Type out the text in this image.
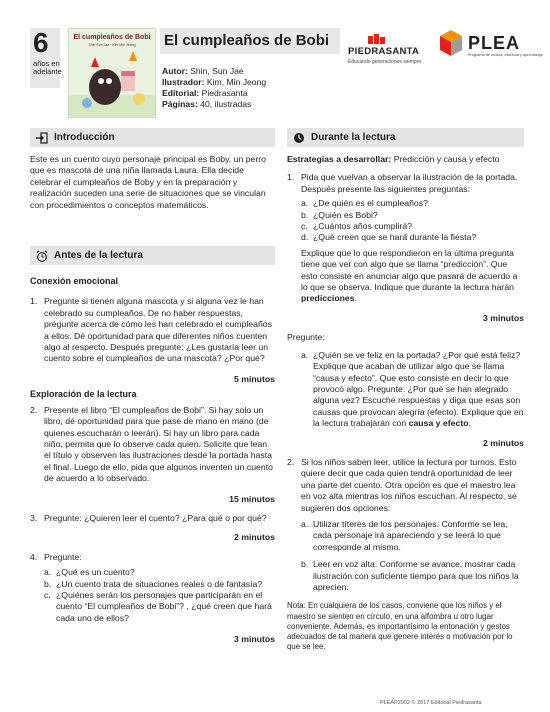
6
años en adelante
El cumpleaños de Bobi
Shin Sun Jae · Kim Min Jeong	El cumpleaños de Bobi
Autor: Shin, Sun Jae
Ilustrador: Kim, Min Jeong
Editorial: Piedrasanta
Páginas: 40, ilustradas
PIEDRASANTA
Educando generaciones siempre
PLEA
Programa de lectura, escritura y aprendizaje
Introducción

Este es un cuento cuyo personaje principal es Boby, un perro que es mascota de una niña llamada Laura. Ella decide celebrar el cumpleaños de Boby y en la preparación y realización suceden una serie de situaciones que se vinculan con procedimientos o conceptos matemáticos.

Antes de la lectura
Conexión emocional
1. Pregunte si tienen alguna mascota y si alguna vez le han celebrado su cumpleaños. De no haber respuestas, pregunte acerca de cómo les han celebrado el cumpleaños a ellos. Dé oportunidad para que diferentes niños cuenten algo al respecto. Después pregunte: ¿Les gustaría leer un cuento sobre el cumpleaños de una mascota? ¿Por qué?

5 minutos
Exploración de la lectura
2. Presente el libro “El cumpleaños de Bobi”. Si hay solo un libro, dé oportunidad para que pase de mano en mano (de quienes escucharán o leerán). Si hay un libro para cada niño, permita que lo observe cada quien. Solicite que lean el título y observen las ilustraciones desde la portada hasta el final. Luego de ello, pida que algunos inventen un cuento de acuerdo a lo observado.

15 minutos
3. Pregunte: ¿Quieren leer el cuento? ¿Para qué o por qué?

2 minutos
4. Pregunte:

a. ¿Qué es un cuento?
b. ¿Un cuento trata de situaciones reales o de fantasía?
c. ¿Quiénes serán los personajes que participarán en el cuento “El cumpleaños de Bobi”? , ¿qué creen que hará cada uno de ellos?
3 minutos
Durante la lectura
Estrategias a desarrollar: Predicción y causa y efecto
1. Pida que vuelvan a observar la ilustración de la portada. Después presente las siguientes preguntas:

a. ¿De quién es el cumpleaños?
b. ¿Quién es Bobi?
c. ¿Cuántos años cumplirá?
d. ¿Qué creen que se hará durante la fiesta?

Explique que lo que respondieron en la última pregunta tiene que ver con algo que se llama “predicción”. Que esto consiste en anunciar algo que pasará de acuerdo a lo que se observa. Indique que durante la lectura harán predicciones.

3 minutos
Pregunte:
a. ¿Quién se ve feliz en la portada? ¿Por qué está feliz? Explique que acaban de utilizar algo que se llama “causa y efecto”. Que esto consiste en decir lo que provocó algo. Pregunte: ¿Por qué se han alegrado alguna vez? Escuche respuestas y diga que esas son causas que provocan alegría (efecto). Explique que en la lectura trabajarán con causa y efecto.

2 minutos
2. Si los niños saben leer, utilice la lectura por turnos. Esto quiere decir que cada quien tendrá oportunidad de leer una parte del cuento. Otra opción es que el maestro lea en voz alta mientras los niños escuchan. Al respecto, se sugieren dos opciones:

a. Utilizar títeres de los personajes. Conforme se lea, cada personaje irá apareciendo y se leerá lo que corresponde al mismo.
b. Leer en voz alta. Conforme se avance, mostrar cada ilustración con suficiente tiempo para que los niños la aprecien.

Nota: En cualquiera de los casos, conviene que los niños y el maestro se sienten en círculo, en una alfombra u otro lugar conveniente. Además, es importantísimo la entonación y gestos adecuados de tal manera que genere interés o motivación por lo que se lee.

PLEAP2002 © 2017 Editorial Piedrasanta
